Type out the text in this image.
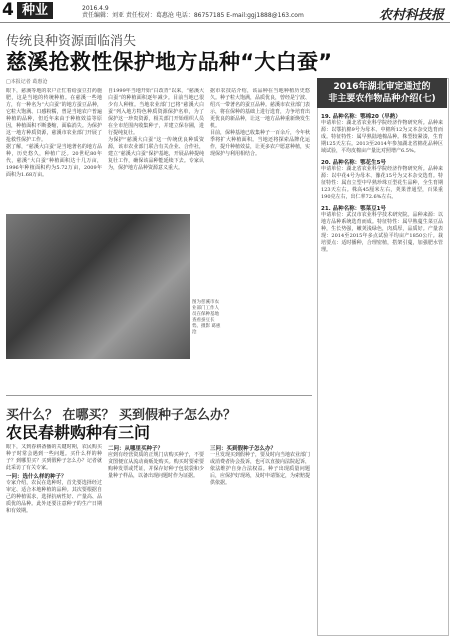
4 种业	2016.4.9
责任编辑：刘亚 责任校对：葛惠沧 电话：86757185 E-mail:ggj1888@163.com	农村科技报
传统良种资源面临消失
慈溪抢救性保护地方品种“大白蚕”
□本报记者 葛惠沧
眼下，慈溪等地的农户正忙着给蚕豆打药施肥，这是当地的传统种植。在慈溪一些地方，有一种名为“大白蚕”的地方蚕豆品种，它粒大饱满、口感粉糯，曾是当地农户普遍种植的品种，但近年来由于种植效益等原因，种植面积不断萎缩，面临消失。为保护这一地方种质资源，慈溪市农业部门开展了抢救性保护工作。
据了解，“慈溪大白蚕”是当地著名的地方品种，历史悠久，种植广泛。20世纪80年代，慈溪“大白蚕”种植面积达十几万亩，1996年种植面积约为5.72万亩，2009年面积为1.68万亩。
自1999年当地开始“白改青”以来，“慈溪大白蚕”的种植面积逐年减少。目前当地已很少有人种植。当地农业部门已将“慈溪大白蚕”列入地方特色种质资源保护名单，为了保护这一珍贵资源，相关部门开始组织人员在全市范围内收集种子，并建立保存圃，进行提纯复壮。
为保护“慈溪大白蚕”这一传统优良种质资源，该市农业部门联合有关企业、合作社，建立“慈溪大白蚕”保护基地，开展品种提纯复壮工作，确保该品种能延续下去。专家认为，保护地方品种资源意义重大。
据市农技站介绍，该品种在当地种植历史悠久。种子粒大饱满，品质优良，曾经是宁波、绍兴一带著名的蚕豆品种。慈溪市农业部门表示，将在保种的基础上进行选育，力争培育出更优良的新品种，让这一地方品种重新焕发生机。
目前，保种基地已收集种子一百余斤，今年秋季将扩大种植面积。当地还将探索品牌化运作，提升种植效益，让更多农户愿意种植，实现保护与利用相结合。
图为慈溪市农业部门工作人员在保种基地查看蚕豆长势。摄影 葛惠沧
买什么？ 在哪买？ 买到假种子怎么办？
农民春耕购种有三问
眼下，又到春耕备播的关键时期，农民购买种子时常会遇到一些问题。买什么样的种子？到哪里买？买到假种子怎么办？记者就此采访了有关专家。
一问：选什么样的种子？
专家介绍，农民在选种时，首先要选择经过审定、适合本地种植的品种。其次要根据自己的种植需求，选择抗病性好、产量高、品质优的品种。此外还要注意种子的生产日期和有效期。
二问：从哪里买种子？
应到有经营资质的正规门店购买种子，不要贪图便宜从流动商贩处购买。购买时要索要购种发票或凭证，并保存好种子包装袋和少量种子样品，以备出现问题时作为证据。
三问：买到假种子怎么办？
一旦发现买到假种子，要及时向当地农业部门或消费者协会投诉，也可以直接向法院起诉，依法维护自身合法权益。种子出现质量问题后，应保护好现场，及时申请鉴定，为索赔提供依据。
2016年湖北审定通过的
非主要农作物品种介绍(七)
19. 品种名称：鄂棉20（早熟）
申请单位：湖北省农业科学院经济作物研究所。品种来源：以鄂抗棉9号为母本、中棉所12为父本杂交选育而成。特征特性：属早熟陆地棉品种。株型较紧凑，生育期125天左右。2013至2014年参加湖北省棉花品种区域试验，平均皮棉亩产量比对照增产6.5%。
20. 品种名称：鄂花生5号
申请单位：湖北省农业科学院经济作物研究所。品种来源：以中花4号为母本、豫花15号为父本杂交选育。特征特性：属直立型中早熟珍珠豆型花生品种，全生育期123天左右。株高45厘米左右，荚果普通型，百果重190克左右，出仁率72.6%左右。
21. 品种名称：鄂菜豆1号
申请单位：武汉市农业科学技术研究院。品种来源：以地方品种系统选育而成。特征特性：属早熟蔓生菜豆品种，生长势强，嫩荚浅绿色，肉质厚，品质好。产量表现：2014至2015年多点试验平均亩产1850公斤。栽培要点：适时播种，合理密植，搭架引蔓，加强肥水管理。
